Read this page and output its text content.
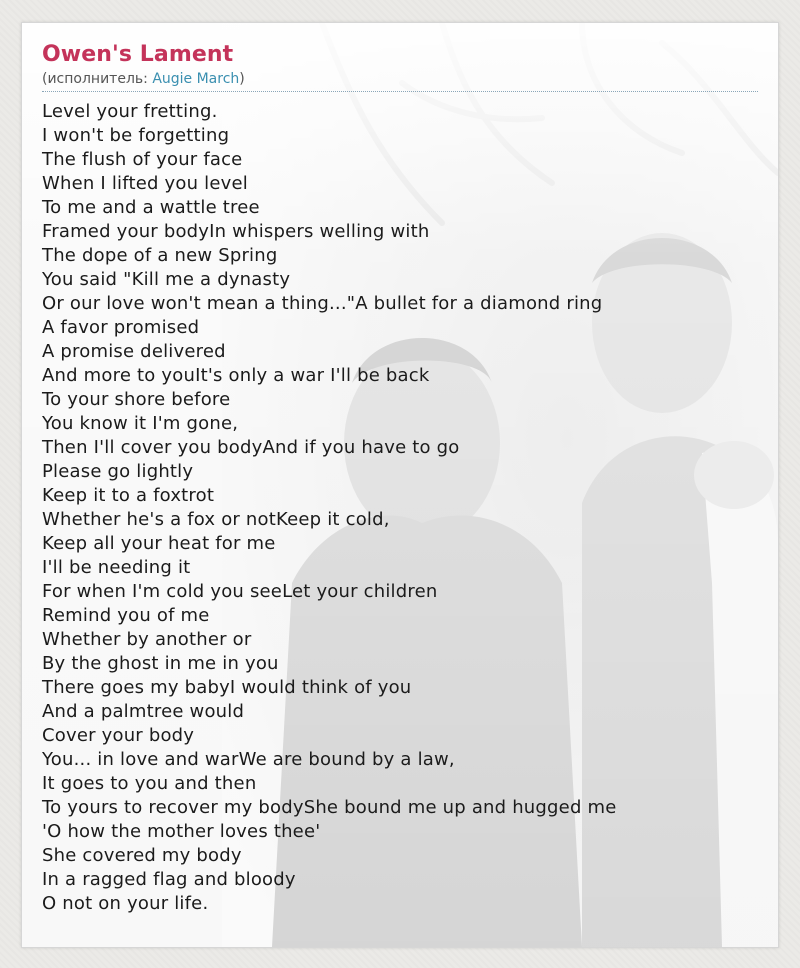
Owen's Lament

(исполнитель: Augie March)

Level your fretting.
I won't be forgetting
The flush of your face
When I lifted you level
To me and a wattle tree
Framed your bodyIn whispers welling with
The dope of a new Spring
You said "Kill me a dynasty
Or our love won't mean a thing..."A bullet for a diamond ring
A favor promised
A promise delivered
And more to youIt's only a war I'll be back
To your shore before
You know it I'm gone,
Then I'll cover you bodyAnd if you have to go
Please go lightly
Keep it to a foxtrot
Whether he's a fox or notKeep it cold,
Keep all your heat for me
I'll be needing it
For when I'm cold you seeLet your children
Remind you of me
Whether by another or
By the ghost in me in you
There goes my babyI would think of you
And a palmtree would
Cover your body
You... in love and warWe are bound by a law,
It goes to you and then
To yours to recover my bodyShe bound me up and hugged me
'O how the mother loves thee'
She covered my body
In a ragged flag and bloody
O not on your life.
